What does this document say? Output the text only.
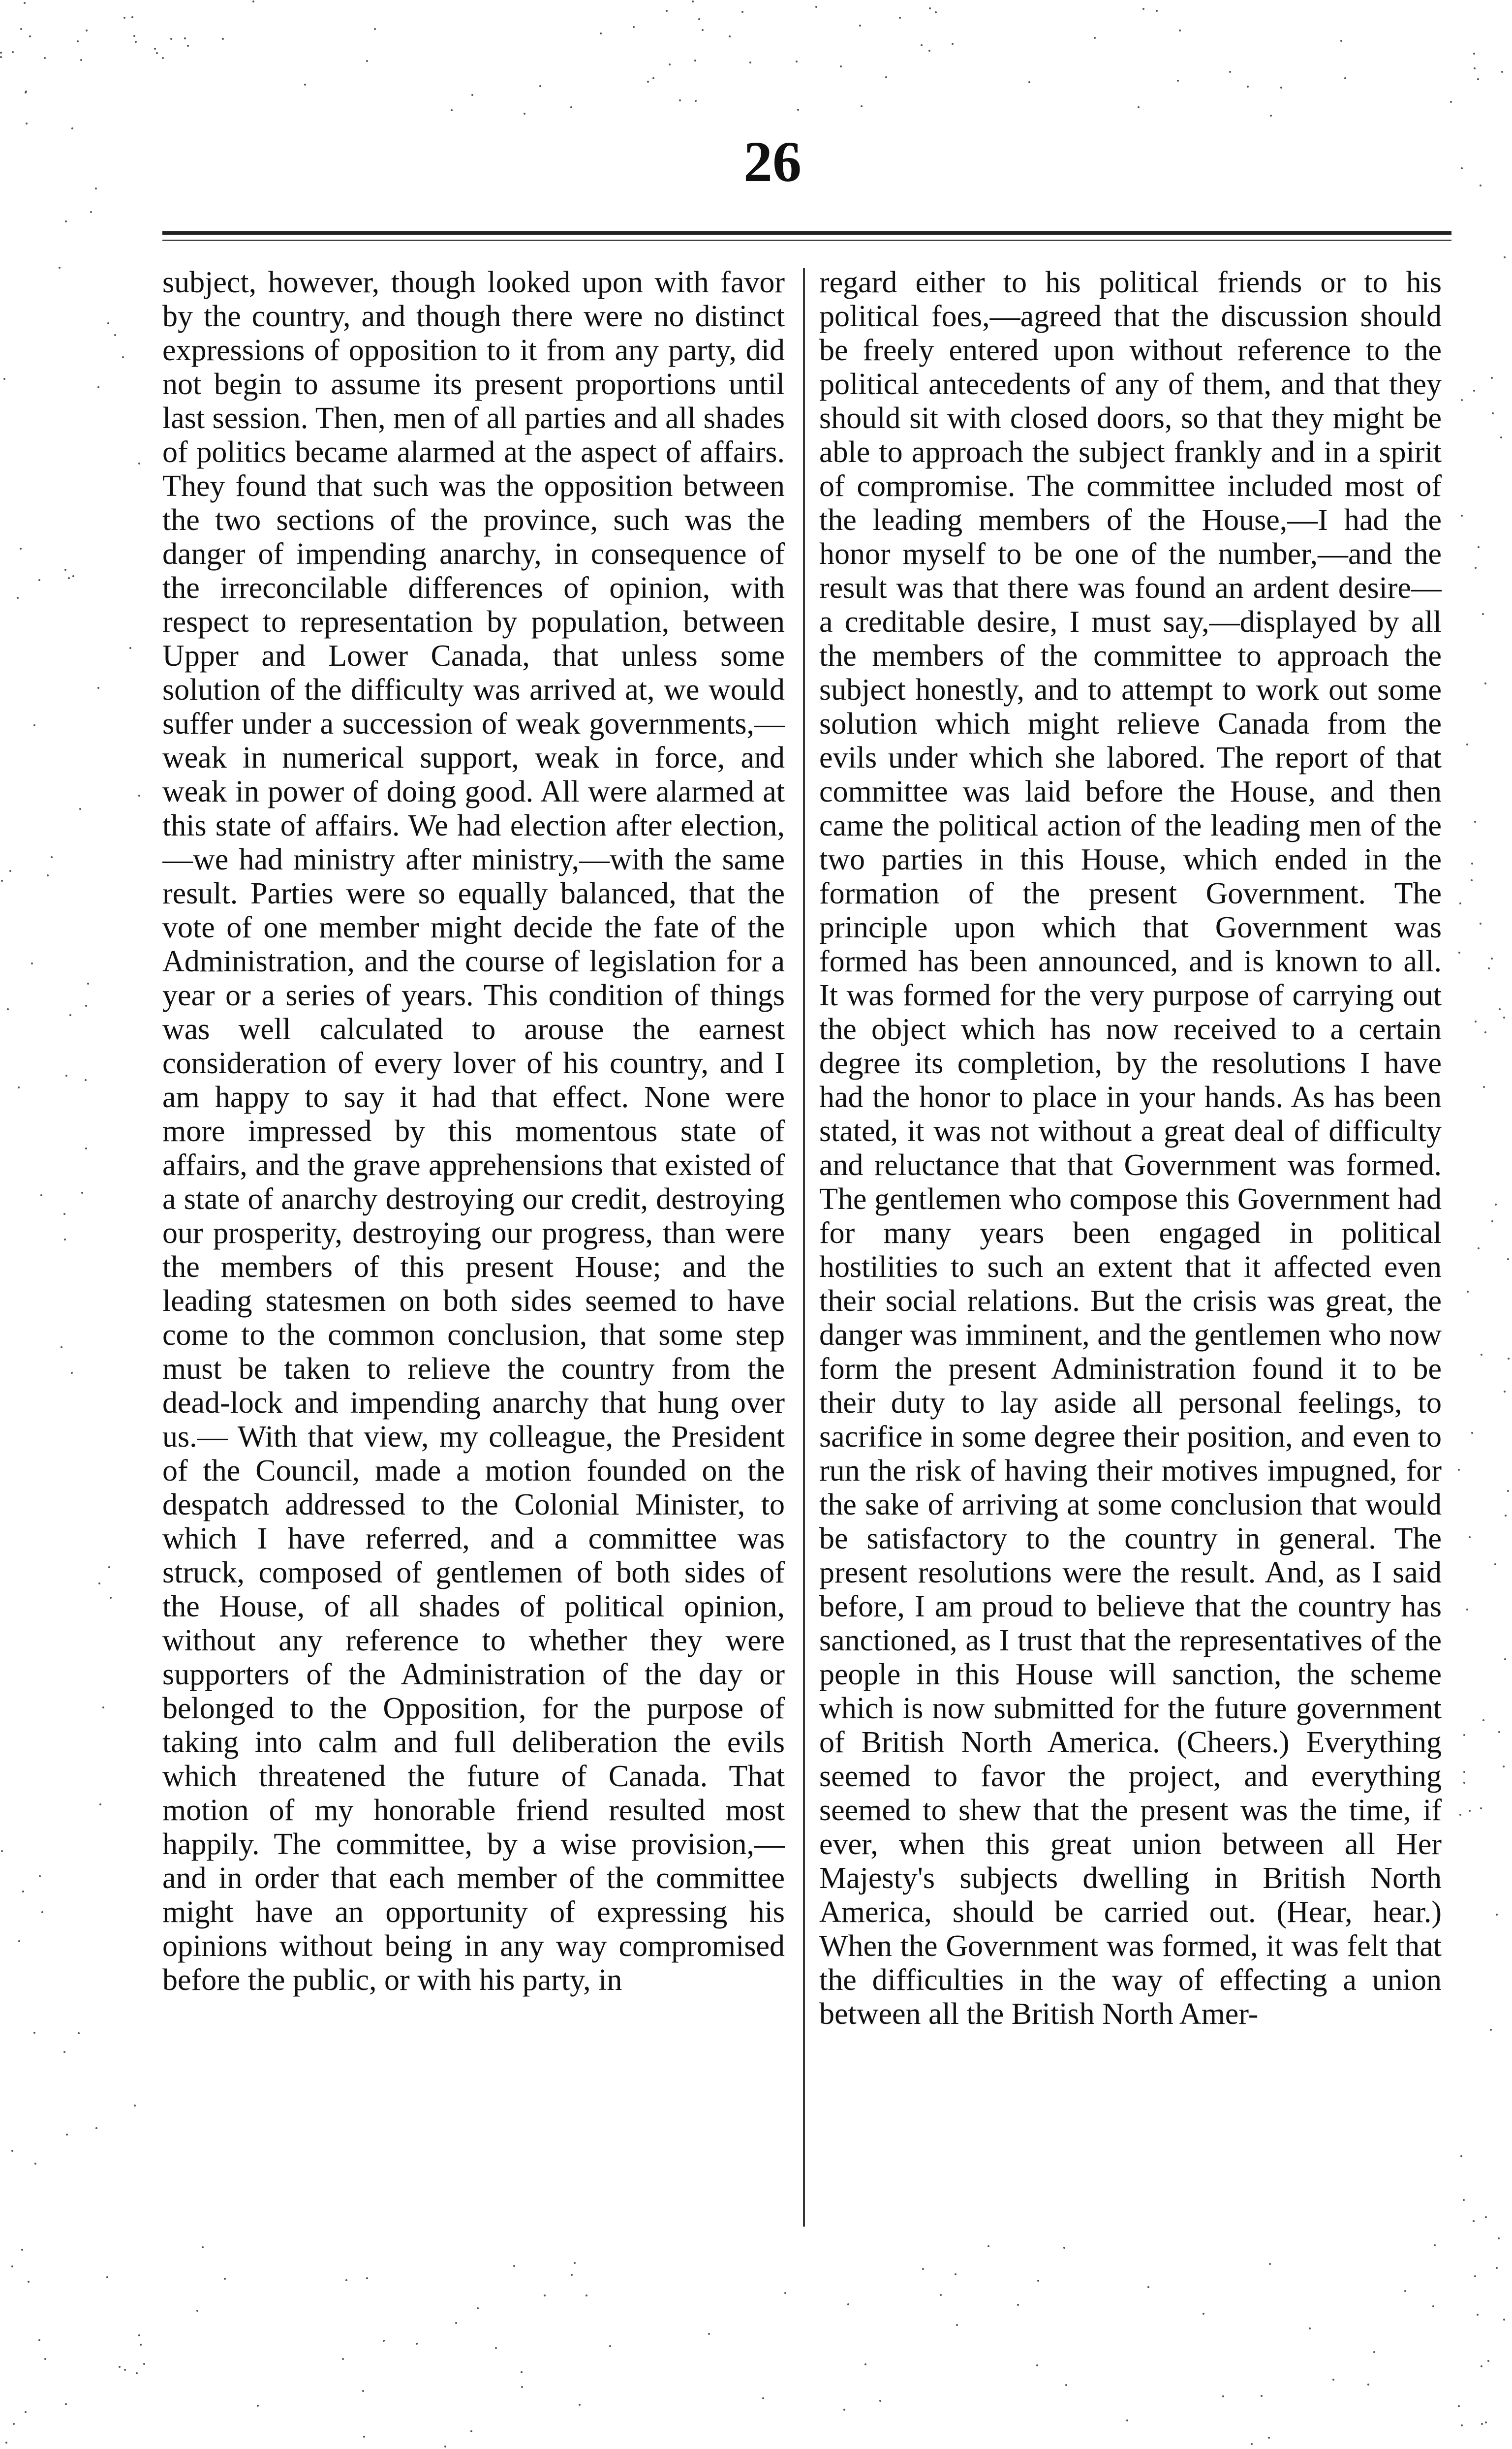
26

subject, however, though looked upon with favor by the country, and though there were no distinct expressions of opposition to it from any party, did not begin to assume its present proportions until last session. Then, men of all parties and all shades of politics became alarmed at the aspect of affairs. They found that such was the opposition between the two sections of the province, such was the danger of impending anarchy, in consequence of the irreconcilable differences of opinion, with respect to representation by population, between Upper and Lower Canada, that unless some solution of the difficulty was arrived at, we would suffer under a succession of weak governments,—weak in numerical support, weak in force, and weak in power of doing good. All were alarmed at this state of affairs. We had election after election,—we had ministry after ministry,—with the same result. Parties were so equally balanced, that the vote of one member might decide the fate of the Administration, and the course of legislation for a year or a series of years. This condition of things was well calculated to arouse the earnest consideration of every lover of his country, and I am happy to say it had that effect. None were more impressed by this momentous state of affairs, and the grave apprehensions that existed of a state of anarchy destroying our credit, destroying our prosperity, destroying our progress, than were the members of this present House; and the leading statesmen on both sides seemed to have come to the common conclusion, that some step must be taken to relieve the country from the dead-lock and impending anarchy that hung over us.— With that view, my colleague, the President of the Council, made a motion founded on the despatch addressed to the Colonial Minister, to which I have referred, and a committee was struck, composed of gentlemen of both sides of the House, of all shades of political opinion, without any reference to whether they were supporters of the Administration of the day or belonged to the Opposition, for the purpose of taking into calm and full deliberation the evils which threatened the future of Canada. That motion of my honorable friend resulted most happily. The committee, by a wise provision,—and in order that each member of the committee might have an opportunity of expressing his opinions without being in any way compromised before the public, or with his party, in

regard either to his political friends or to his political foes,—agreed that the discussion should be freely entered upon without reference to the political antecedents of any of them, and that they should sit with closed doors, so that they might be able to approach the subject frankly and in a spirit of compromise. The committee included most of the leading members of the House,—I had the honor myself to be one of the number,—and the result was that there was found an ardent desire—a creditable desire, I must say,—displayed by all the members of the committee to approach the subject honestly, and to attempt to work out some solution which might relieve Canada from the evils under which she labored. The report of that committee was laid before the House, and then came the political action of the leading men of the two parties in this House, which ended in the formation of the present Government. The principle upon which that Government was formed has been announced, and is known to all. It was formed for the very purpose of carrying out the object which has now received to a certain degree its completion, by the resolutions I have had the honor to place in your hands. As has been stated, it was not without a great deal of difficulty and reluctance that that Government was formed. The gentlemen who compose this Government had for many years been engaged in political hostilities to such an extent that it affected even their social relations. But the crisis was great, the danger was imminent, and the gentlemen who now form the present Administration found it to be their duty to lay aside all personal feelings, to sacrifice in some degree their position, and even to run the risk of having their motives impugned, for the sake of arriving at some conclusion that would be satisfactory to the country in general. The present resolutions were the result. And, as I said before, I am proud to believe that the country has sanctioned, as I trust that the representatives of the people in this House will sanction, the scheme which is now submitted for the future government of British North America. (Cheers.) Everything seemed to favor the project, and everything seemed to shew that the present was the time, if ever, when this great union between all Her Majesty's subjects dwelling in British North America, should be carried out. (Hear, hear.) When the Government was formed, it was felt that the difficulties in the way of effecting a union between all the British North Amer-
